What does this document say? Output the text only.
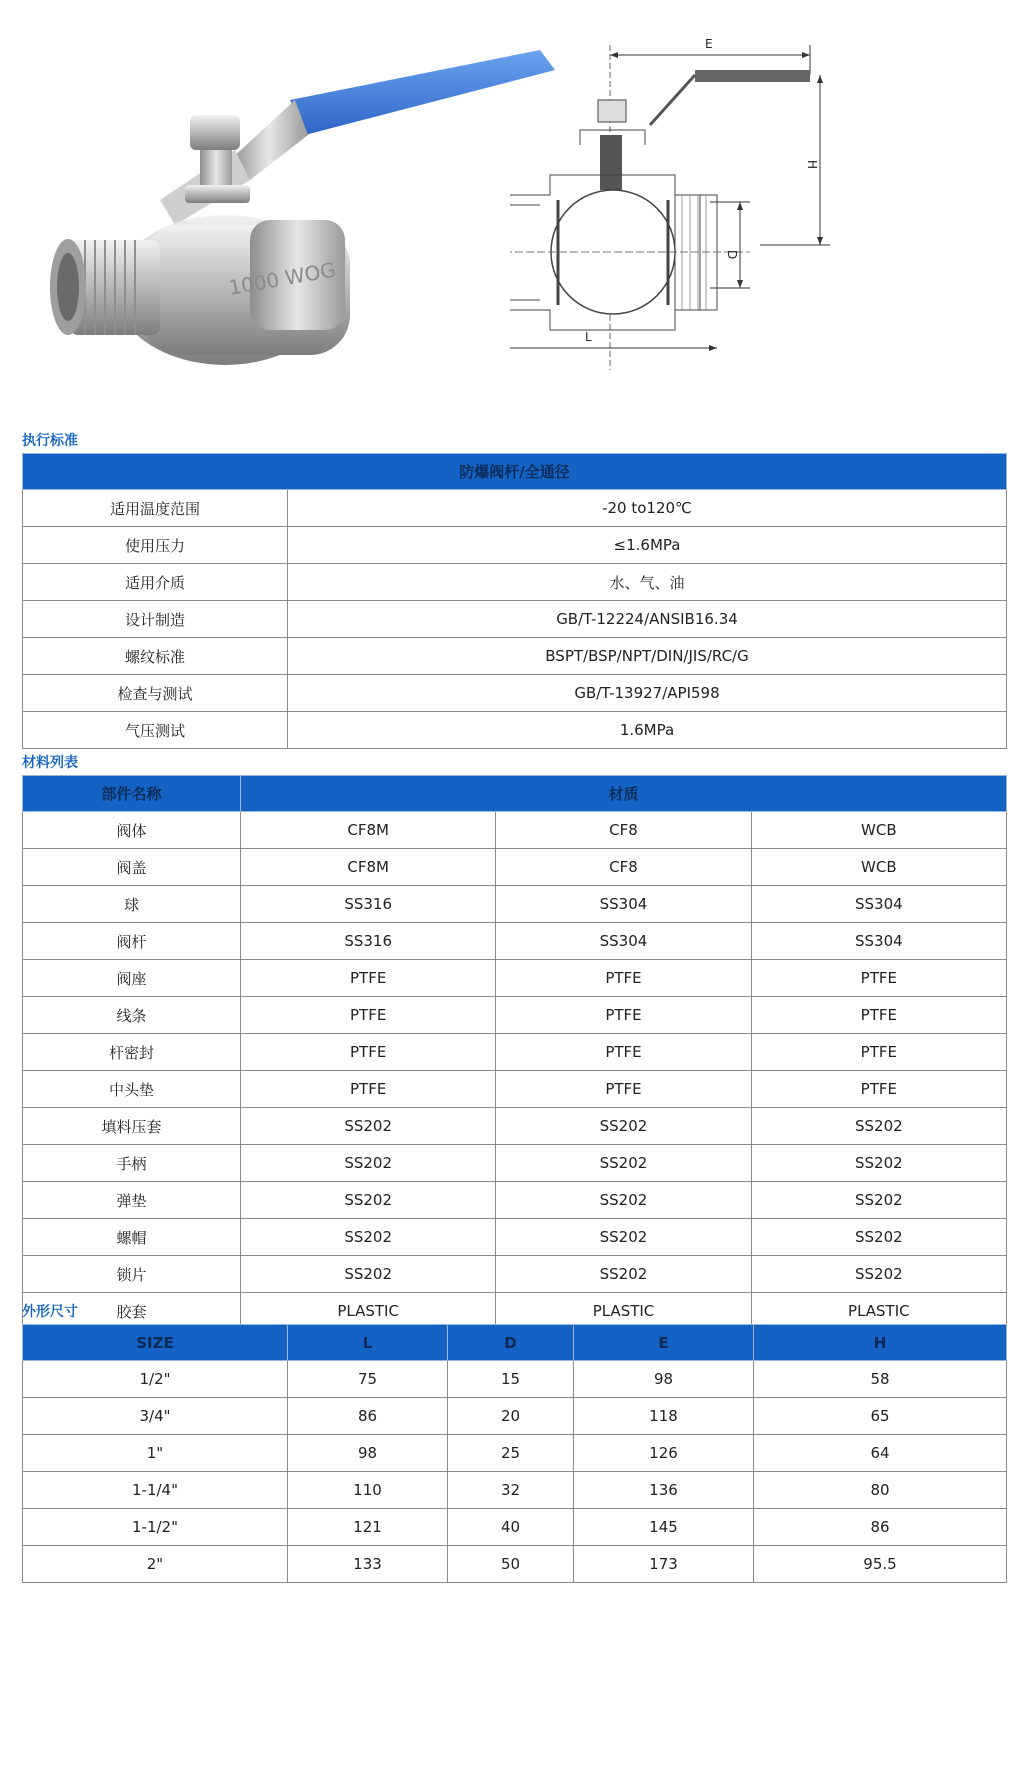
1000 WOG
E
H
D
L
执行标准
防爆阀杆/全通径	
适用温度范围	-20 to120℃
使用压力	≤1.6MPa
适用介质	水、气、油
设计制造	GB/T-12224/ANSIB16.34
螺纹标准	BSPT/BSP/NPT/DIN/JIS/RC/G
检查与测试	GB/T-13927/API598
气压测试	1.6MPa
材料列表
部件名称	材质		
阀体	CF8M	CF8	WCB
阀盖	CF8M	CF8	WCB
球	SS316	SS304	SS304
阀杆	SS316	SS304	SS304
阀座	PTFE	PTFE	PTFE
线条	PTFE	PTFE	PTFE
杆密封	PTFE	PTFE	PTFE
中头垫	PTFE	PTFE	PTFE
填料压套	SS202	SS202	SS202
手柄	SS202	SS202	SS202
弹垫	SS202	SS202	SS202
螺帽	SS202	SS202	SS202
锁片	SS202	SS202	SS202
胶套	PLASTIC	PLASTIC	PLASTIC
外形尺寸
SIZE	L	D	E	H
1/2"	75	15	98	58
3/4"	86	20	118	65
1"	98	25	126	64
1-1/4"	110	32	136	80
1-1/2"	121	40	145	86
2"	133	50	173	95.5
